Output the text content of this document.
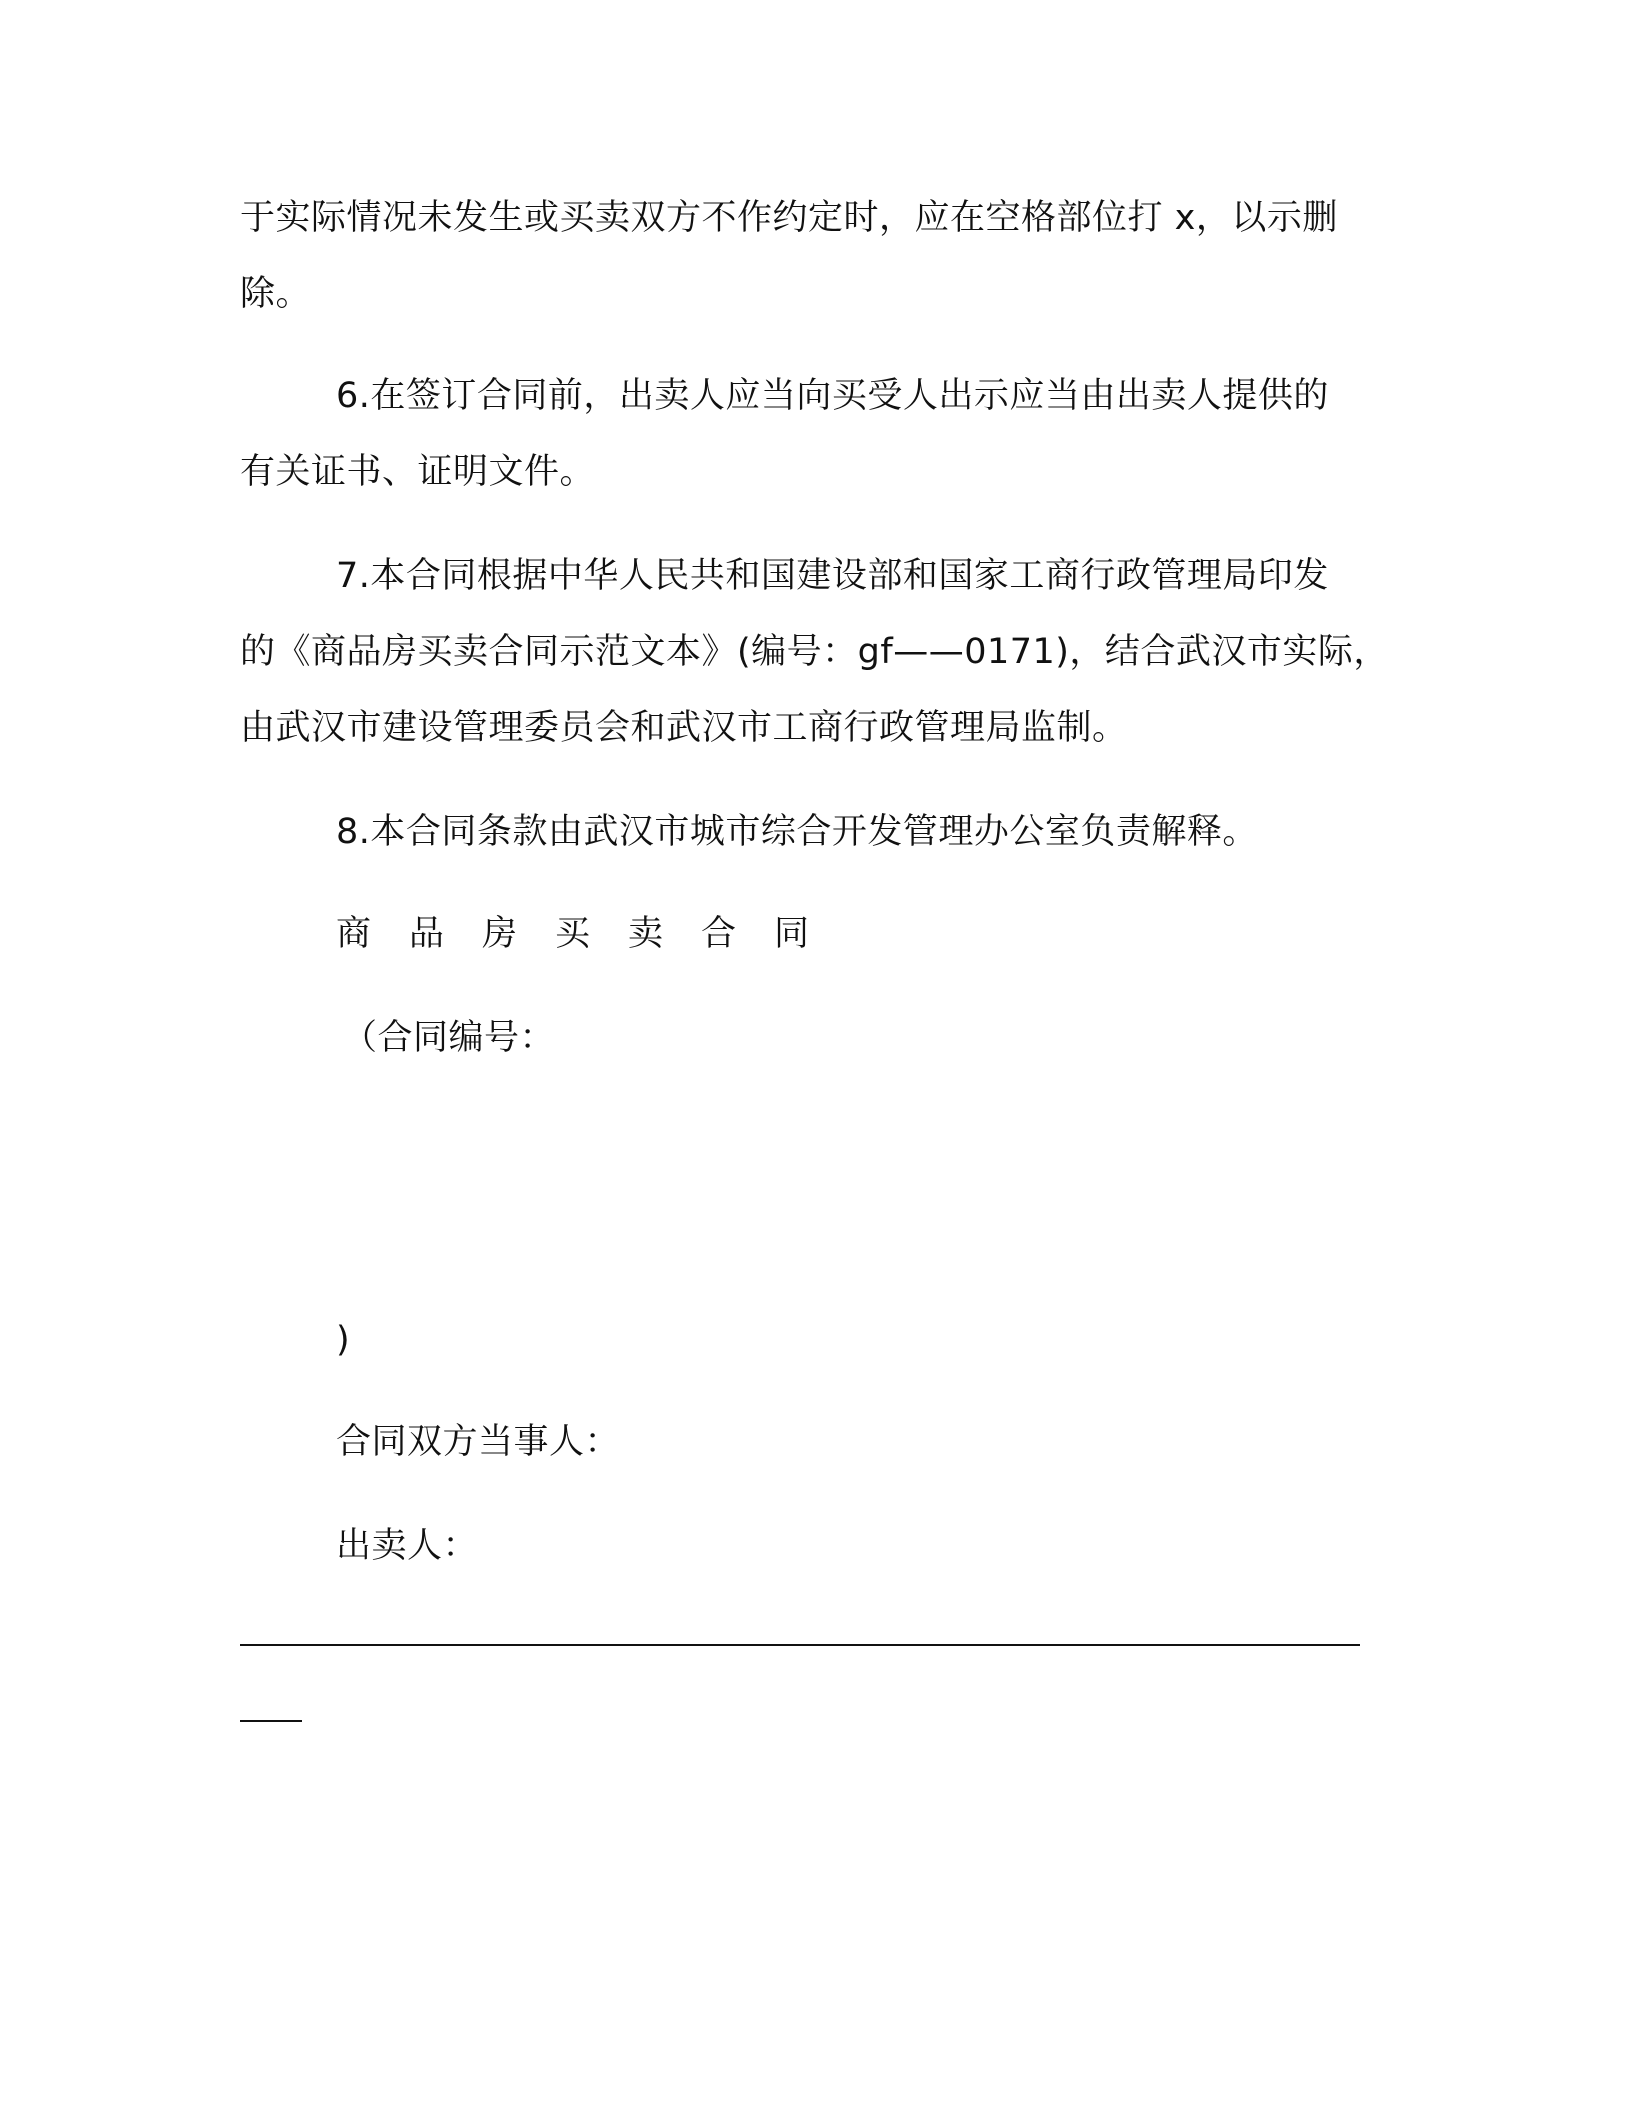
于实际情况未发生或买卖双方不作约定时，应在空格部位打 x，以示删
除。
6.在签订合同前，出卖人应当向买受人出示应当由出卖人提供的
有关证书、证明文件。
7.本合同根据中华人民共和国建设部和国家工商行政管理局印发
的《商品房买卖合同示范文本》(编号：gf——0171)，结合武汉市实际，
由武汉市建设管理委员会和武汉市工商行政管理局监制。
8.本合同条款由武汉市城市综合开发管理办公室负责解释。
商品房买卖合同
（合同编号：
)
合同双方当事人：
出卖人：
